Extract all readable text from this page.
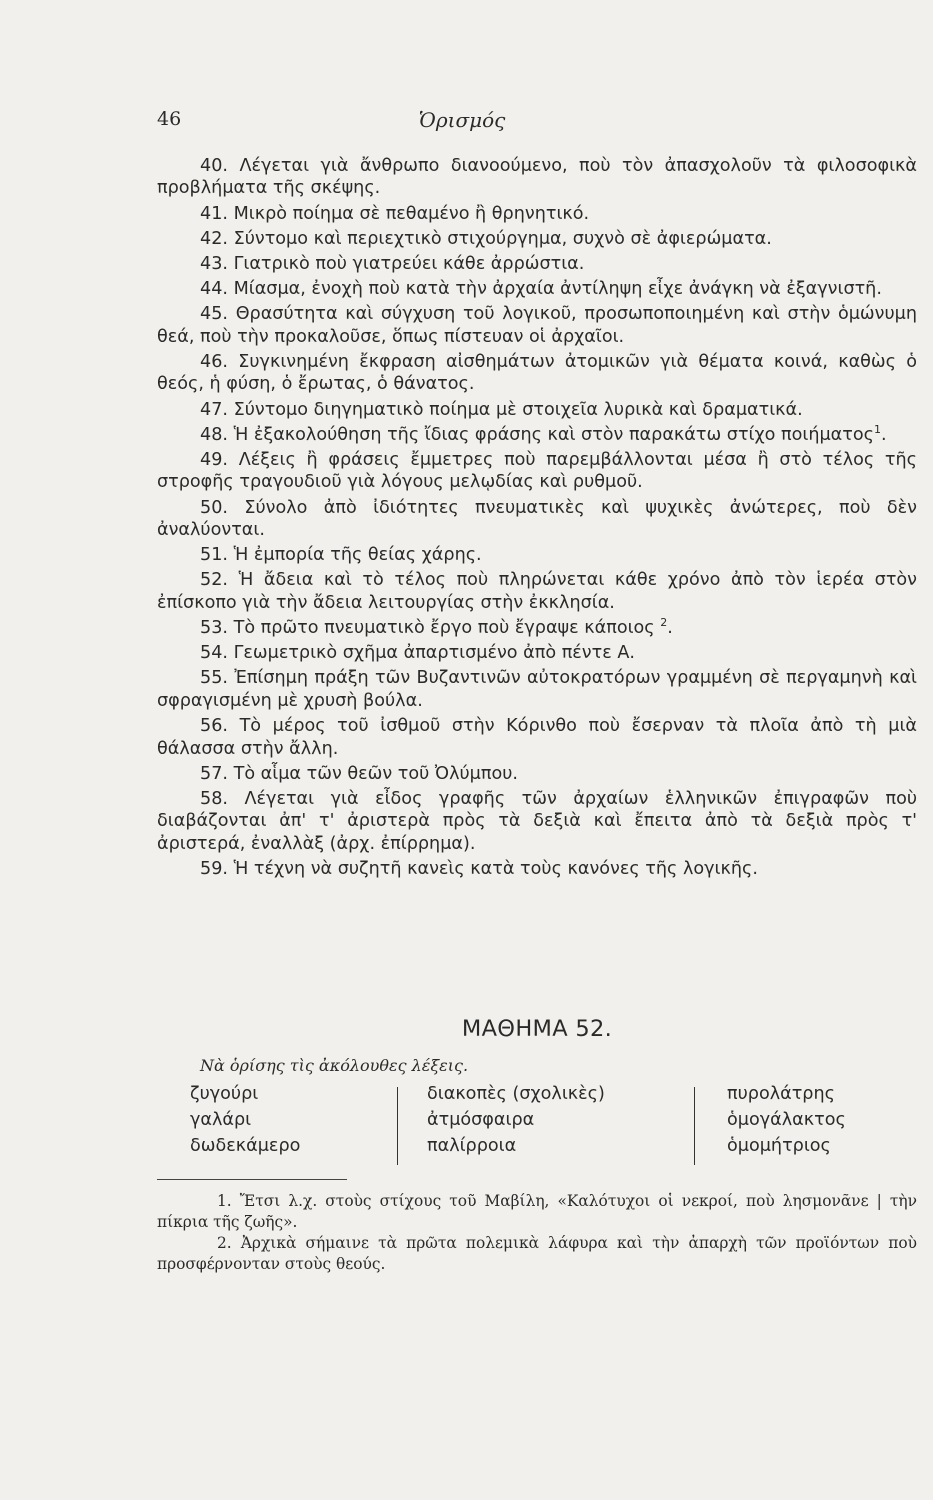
46	Ὁρισμός

40. Λέγεται γιὰ ἄνθρωπο διανοούμενο, ποὺ τὸν ἀπασχολοῦν τὰ φιλοσοφικὰ προβλήματα τῆς σκέψης.

41. Μικρὸ ποίημα σὲ πεθαμένο ἢ θρηνητικό.

42. Σύντομο καὶ περιεχτικὸ στιχούργημα, συχνὸ σὲ ἀφιερώματα.

43. Γιατρικὸ ποὺ γιατρεύει κάθε ἀρρώστια.

44. Μίασμα, ἐνοχὴ ποὺ κατὰ τὴν ἀρχαία ἀντίληψη εἶχε ἀνάγκη νὰ ἐξαγνιστῆ.

45. Θρασύτητα καὶ σύγχυση τοῦ λογικοῦ, προσωποποιημένη καὶ στὴν ὁμώνυμη θεά, ποὺ τὴν προκαλοῦσε, ὅπως πίστευαν οἱ ἀρχαῖοι.

46. Συγκινημένη ἔκφραση αἰσθημάτων ἀτομικῶν γιὰ θέματα κοινά, καθὼς ὁ θεός, ἡ φύση, ὁ ἔρωτας, ὁ θάνατος.

47. Σύντομο διηγηματικὸ ποίημα μὲ στοιχεῖα λυρικὰ καὶ δραματικά.

48. Ἡ ἐξακολούθηση τῆς ἴδιας φράσης καὶ στὸν παρακάτω στίχο ποιήματος$^1$.

49. Λέξεις ἢ φράσεις ἔμμετρες ποὺ παρεμβάλλονται μέσα ἢ στὸ τέλος τῆς στροφῆς τραγουδιοῦ γιὰ λόγους μελῳδίας καὶ ρυθμοῦ.

50. Σύνολο ἀπὸ ἰδιότητες πνευματικὲς καὶ ψυχικὲς ἀνώτερες, ποὺ δὲν ἀναλύονται.

51. Ἡ ἐμπορία τῆς θείας χάρης.

52. Ἡ ἄδεια καὶ τὸ τέλος ποὺ πληρώνεται κάθε χρόνο ἀπὸ τὸν ἱερέα στὸν ἐπίσκοπο γιὰ τὴν ἄδεια λειτουργίας στὴν ἐκκλησία.

53. Τὸ πρῶτο πνευματικὸ ἔργο ποὺ ἔγραψε κάποιος $^2$.

54. Γεωμετρικὸ σχῆμα ἀπαρτισμένο ἀπὸ πέντε Α.

55. Ἐπίσημη πράξη τῶν Βυζαντινῶν αὐτοκρατόρων γραμμένη σὲ περγαμηνὴ καὶ σφραγισμένη μὲ χρυσὴ βούλα.

56. Τὸ μέρος τοῦ ἰσθμοῦ στὴν Κόρινθο ποὺ ἔσερναν τὰ πλοῖα ἀπὸ τὴ μιὰ θάλασσα στὴν ἄλλη.

57. Τὸ αἷμα τῶν θεῶν τοῦ Ὀλύμπου.

58. Λέγεται γιὰ εἶδος γραφῆς τῶν ἀρχαίων ἑλληνικῶν ἐπιγραφῶν ποὺ διαβάζονται ἀπ' τ' ἀριστερὰ πρὸς τὰ δεξιὰ καὶ ἔπειτα ἀπὸ τὰ δεξιὰ πρὸς τ' ἀριστερά, ἐναλλὰξ (ἀρχ. ἐπίρρημα).

59. Ἡ τέχνη νὰ συζητῆ κανεὶς κατὰ τοὺς κανόνες τῆς λογικῆς.

ΜΑΘΗΜΑ 52.
Νὰ ὁρίσης τὶς ἀκόλουθες λέξεις.
ζυγούρι
γαλάρι
δωδεκάμερο
διακοπὲς (σχολικὲς)
ἀτμόσφαιρα
παλίρροια
πυρολάτρης
ὁμογάλακτος
ὁμομήτριος

1. Ἔτσι λ.χ. στοὺς στίχους τοῦ Μαβίλη, «Καλότυχοι οἱ νεκροί, ποὺ λησμονᾶνε | τὴν πίκρια τῆς ζωῆς».

2. Ἀρχικὰ σήμαινε τὰ πρῶτα πολεμικὰ λάφυρα καὶ τὴν ἀπαρχὴ τῶν προϊόντων ποὺ προσφέρνονταν στοὺς θεούς.
